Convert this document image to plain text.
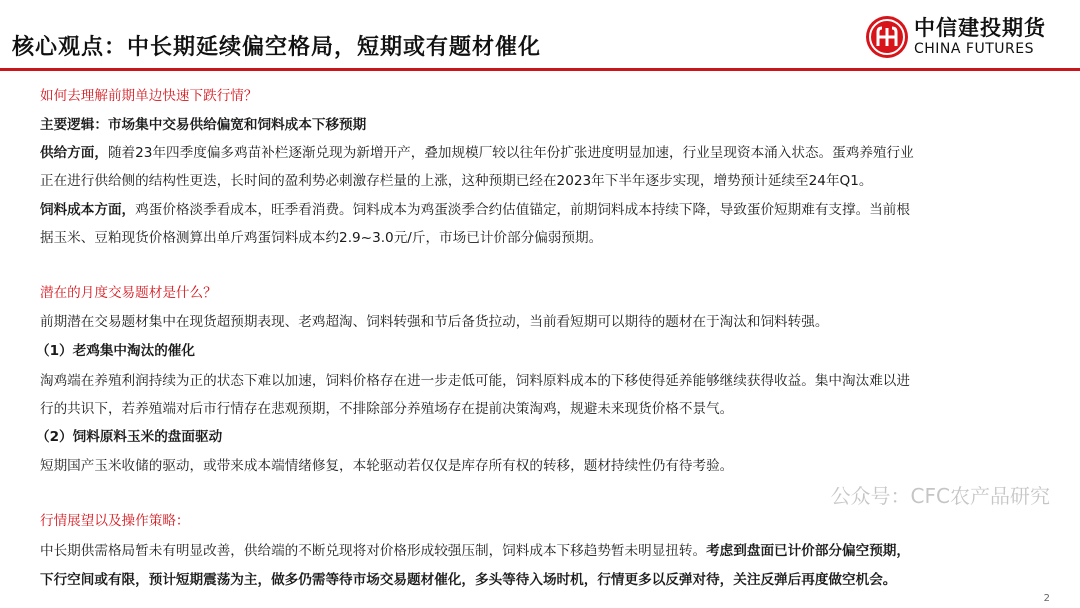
核心观点：中长期延续偏空格局，短期或有题材催化
中信建投期货
CHINA FUTURES
如何去理解前期单边快速下跌行情？
主要逻辑：市场集中交易供给偏宽和饲料成本下移预期
供给方面，随着23年四季度偏多鸡苗补栏逐渐兑现为新增开产，叠加规模厂较以往年份扩张进度明显加速，行业呈现资本涌入状态。蛋鸡养殖行业
正在进行供给侧的结构性更迭，长时间的盈利势必刺激存栏量的上涨，这种预期已经在2023年下半年逐步实现，增势预计延续至24年Q1。
饲料成本方面，鸡蛋价格淡季看成本，旺季看消费。饲料成本为鸡蛋淡季合约估值锚定，前期饲料成本持续下降，导致蛋价短期难有支撑。当前根
据玉米、豆粕现货价格测算出单斤鸡蛋饲料成本约2.9~3.0元/斤，市场已计价部分偏弱预期。
潜在的月度交易题材是什么？
前期潜在交易题材集中在现货超预期表现、老鸡超淘、饲料转强和节后备货拉动，当前看短期可以期待的题材在于淘汰和饲料转强。
（1）老鸡集中淘汰的催化
淘鸡端在养殖利润持续为正的状态下难以加速，饲料价格存在进一步走低可能，饲料原料成本的下移使得延养能够继续获得收益。集中淘汰难以进
行的共识下，若养殖端对后市行情存在悲观预期，不排除部分养殖场存在提前决策淘鸡，规避未来现货价格不景气。
（2）饲料原料玉米的盘面驱动
短期国产玉米收储的驱动，或带来成本端情绪修复，本轮驱动若仅仅是库存所有权的转移，题材持续性仍有待考验。
行情展望以及操作策略：
中长期供需格局暂未有明显改善，供给端的不断兑现将对价格形成较强压制，饲料成本下移趋势暂未明显扭转。考虑到盘面已计价部分偏空预期，
下行空间或有限，预计短期震荡为主，做多仍需等待市场交易题材催化，多头等待入场时机，行情更多以反弹对待，关注反弹后再度做空机会。
公众号：CFC农产品研究
2
